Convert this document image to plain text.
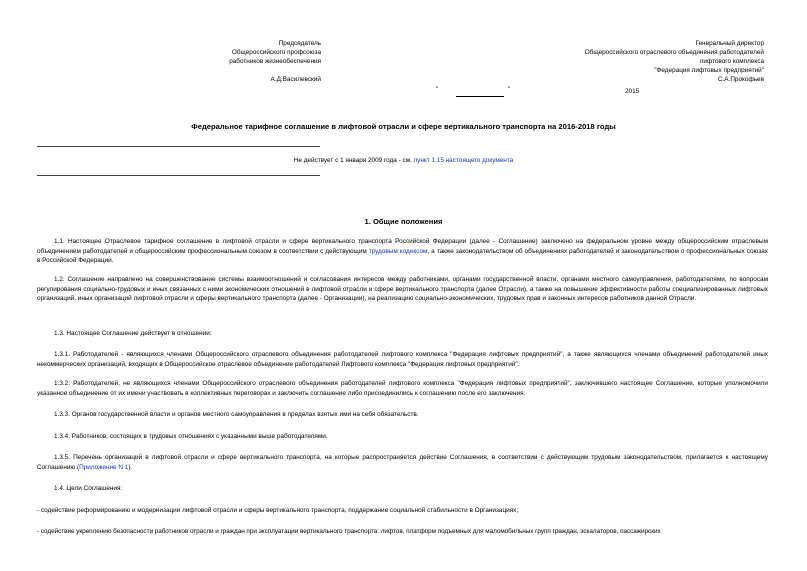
Председатель
Общероссийского профсоюза
работников жизнеобеспечения
А.Д.Василевский
Генеральный директор
Общероссийского отраслевого объединения работодателей
лифтового комплекса
"Федерация лифтовых предприятий"
С.А.Прокофьев
"	"	2015
Федеральное тарифное соглашение в лифтовой отрасли и сфере вертикального транспорта на 2016-2018 годы
Не действует с 1 января 2009 года - см. пункт 1.15 настоящего документа
1. Общие положения
1.1. Настоящее Отраслевое тарифное соглашение в лифтовой отрасли и сфере вертикального транспорта Российской Федерации (далее - Соглашение) заключено на федеральном уровне между общероссийским отраслевым объединением работодателей и общероссийским профессиональным союзом в соответствии с действующим трудовым кодексом, а также законодательством об объединениях работодателей и законодательством о профессиональных союзах в Российской Федерации.
1.2. Соглашение направлено на совершенствование системы взаимоотношений и согласования интересов между работниками, органами государственной власти, органами местного самоуправления, работодателями, по вопросам регулирования социально-трудовых и иных связанных с ними экономических отношений в лифтовой отрасли и сфере вертикального транспорта (далее Отрасли), а также на повышение эффективности работы специализированных лифтовых организаций, иных организаций лифтовой отрасли и сферы вертикального транспорта (далее - Организации), на реализацию социально-экономических, трудовых прав и законных интересов работников данной Отрасли.
1.3. Настоящее Соглашение действует в отношении:
1.3.1. Работодателей - являющихся членами Общероссийского отраслевого объединения работодателей лифтового комплекса "Федерация лифтовых предприятий", а также являющихся членами объединений работодателей иных некоммерческих организаций, входящих в Общероссийское отраслевое объединение работодателей Лифтового комплекса "Федерация лифтовых предприятий".
1.3.2. Работодателей, не являющихся членами Общероссийского отраслевого объединения работодателей лифтового комплекса "Федерация лифтовых предприятий", заключившего настоящее Соглашение, которые уполномочили указанное объединение от их имени участвовать в коллективных переговорах и заключить соглашение либо присоединились к соглашению после его заключения.
1.3.3. Органов государственной власти и органов местного самоуправления в пределах взятых ими на себя обязательств.
1.3.4. Работников, состоящих в трудовых отношениях с указанными выше работодателями.
1.3.5. Перечень организаций в лифтовой отрасли и сфере вертикального транспорта, на которые распространяется действие Соглашения, в соответствии с действующим трудовым законодательством, прилагается к настоящему Соглашению (Приложение N 1).
1.4. Цели Соглашения:
- содействие реформированию и модернизации лифтовой отрасли и сферы вертикального транспорта, поддержание социальной стабильности в Организациях;
- содействие укреплению безопасности работников отрасли и граждан при эксплуатации вертикального транспорта: лифтов, платформ подъемных для маломобильных групп граждан, эскалаторов, пассажирских
